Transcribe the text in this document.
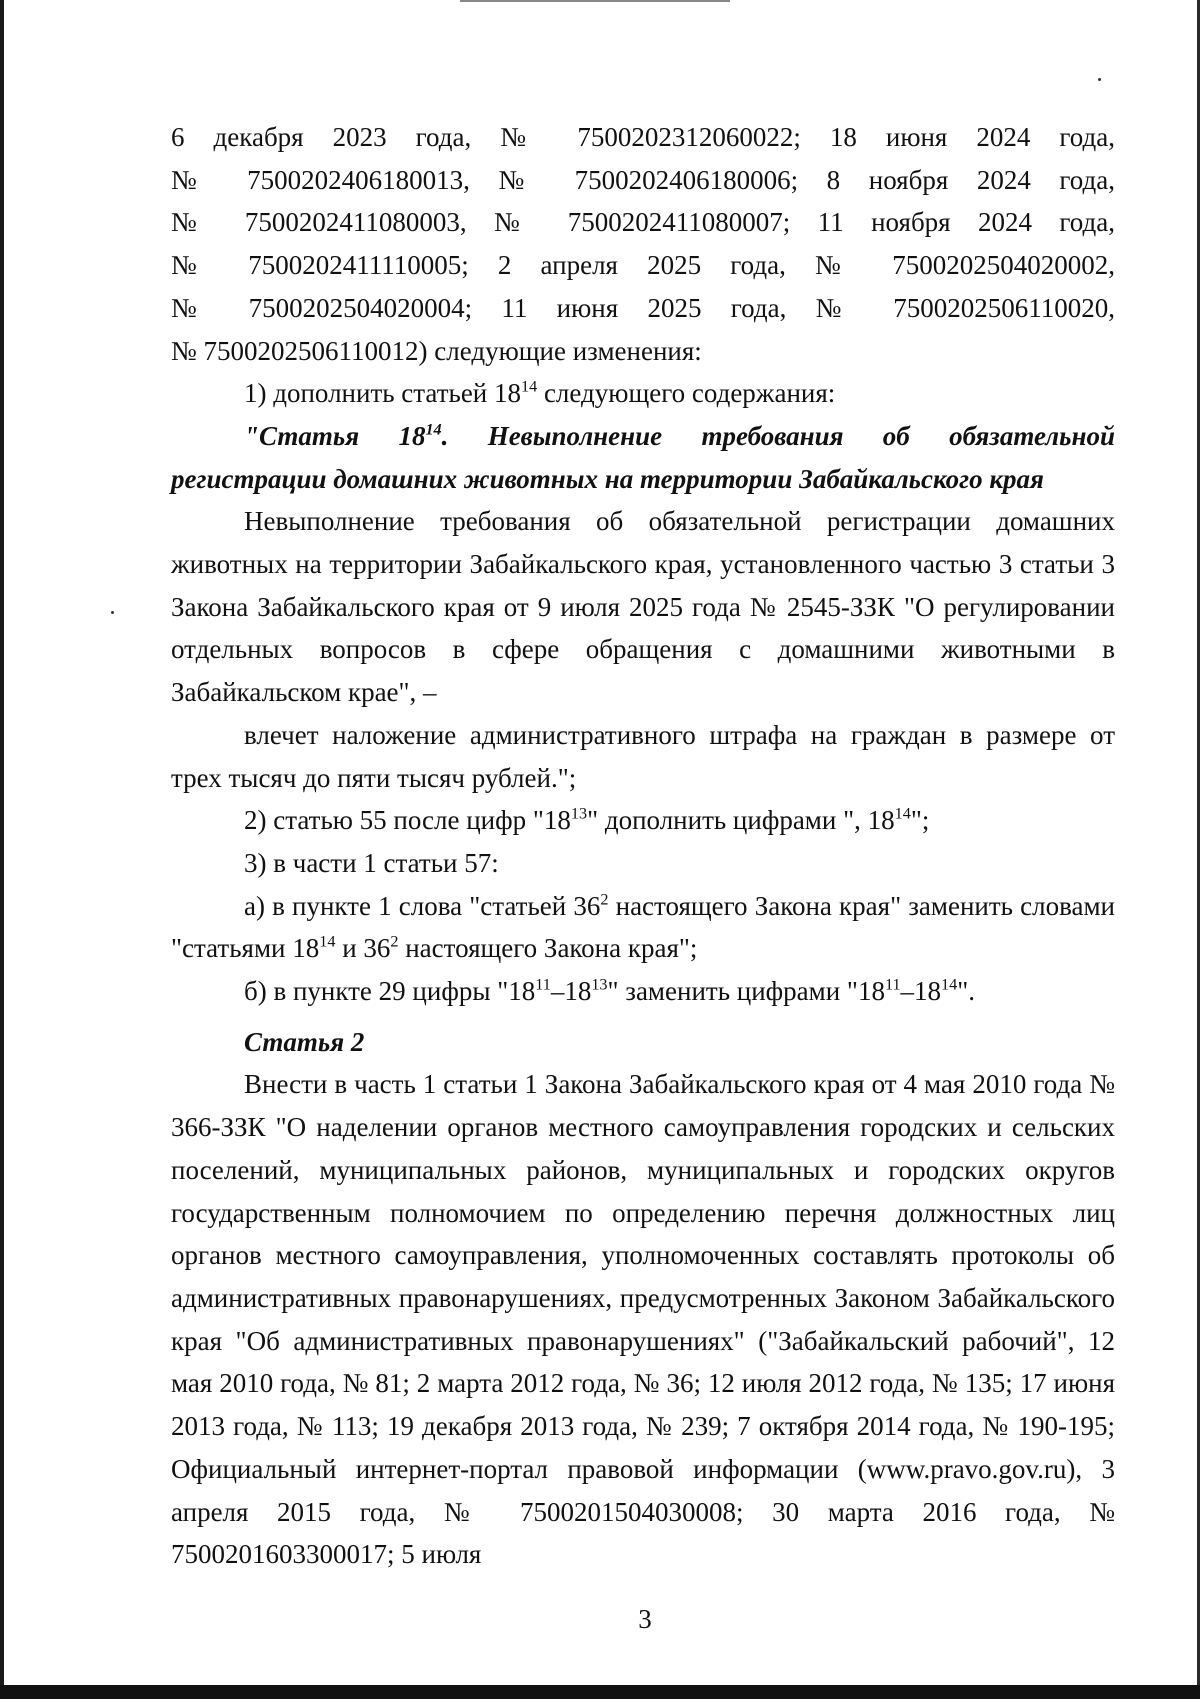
6 декабря 2023 года, № 7500202312060022; 18 июня 2024 года,
№ 7500202406180013, № 7500202406180006; 8 ноября 2024 года,
№ 7500202411080003, № 7500202411080007; 11 ноября 2024 года,
№ 7500202411110005; 2 апреля 2025 года, № 7500202504020002,
№ 7500202504020004; 11 июня 2025 года, № 7500202506110020,
№ 7500202506110012) следующие изменения:
1) дополнить статьей $18^{14}$ следующего содержания:
"Статья $18^{14}$. Невыполнение требования об обязательной
регистрации домашних животных на территории Забайкальского края
Невыполнение требования об обязательной регистрации домашних животных на территории Забайкальского края, установленного частью 3 статьи 3 Закона Забайкальского края от 9 июля 2025 года № 2545-ЗЗК "О регулировании отдельных вопросов в сфере обращения с домашними животными в Забайкальском крае", –
влечет наложение административного штрафа на граждан в размере от трех тысяч до пяти тысяч рублей.";
2) статью 55 после цифр "$18^{13}$" дополнить цифрами ", $18^{14}$";
3) в части 1 статьи 57:
а) в пункте 1 слова "статьей $36^2$ настоящего Закона края" заменить словами "статьями $18^{14}$ и $36^2$ настоящего Закона края";
б) в пункте 29 цифры "$18^{11}-18^{13}$" заменить цифрами "$18^{11}-18^{14}$".
Статья 2
Внести в часть 1 статьи 1 Закона Забайкальского края от 4 мая 2010 года № 366-ЗЗК "О наделении органов местного самоуправления городских и сельских поселений, муниципальных районов, муниципальных и городских округов государственным полномочием по определению перечня должностных лиц органов местного самоуправления, уполномоченных составлять протоколы об административных правонарушениях, предусмотренных Законом Забайкальского края "Об административных правонарушениях" ("Забайкальский рабочий", 12 мая 2010 года, № 81; 2 марта 2012 года, № 36; 12 июля 2012 года, № 135; 17 июня 2013 года, № 113; 19 декабря 2013 года, № 239; 7 октября 2014 года, № 190-195; Официальный интернет-портал правовой информации (www.pravo.gov.ru), 3 апреля 2015 года, № 7500201504030008; 30 марта 2016 года, № 7500201603300017; 5 июля
3
